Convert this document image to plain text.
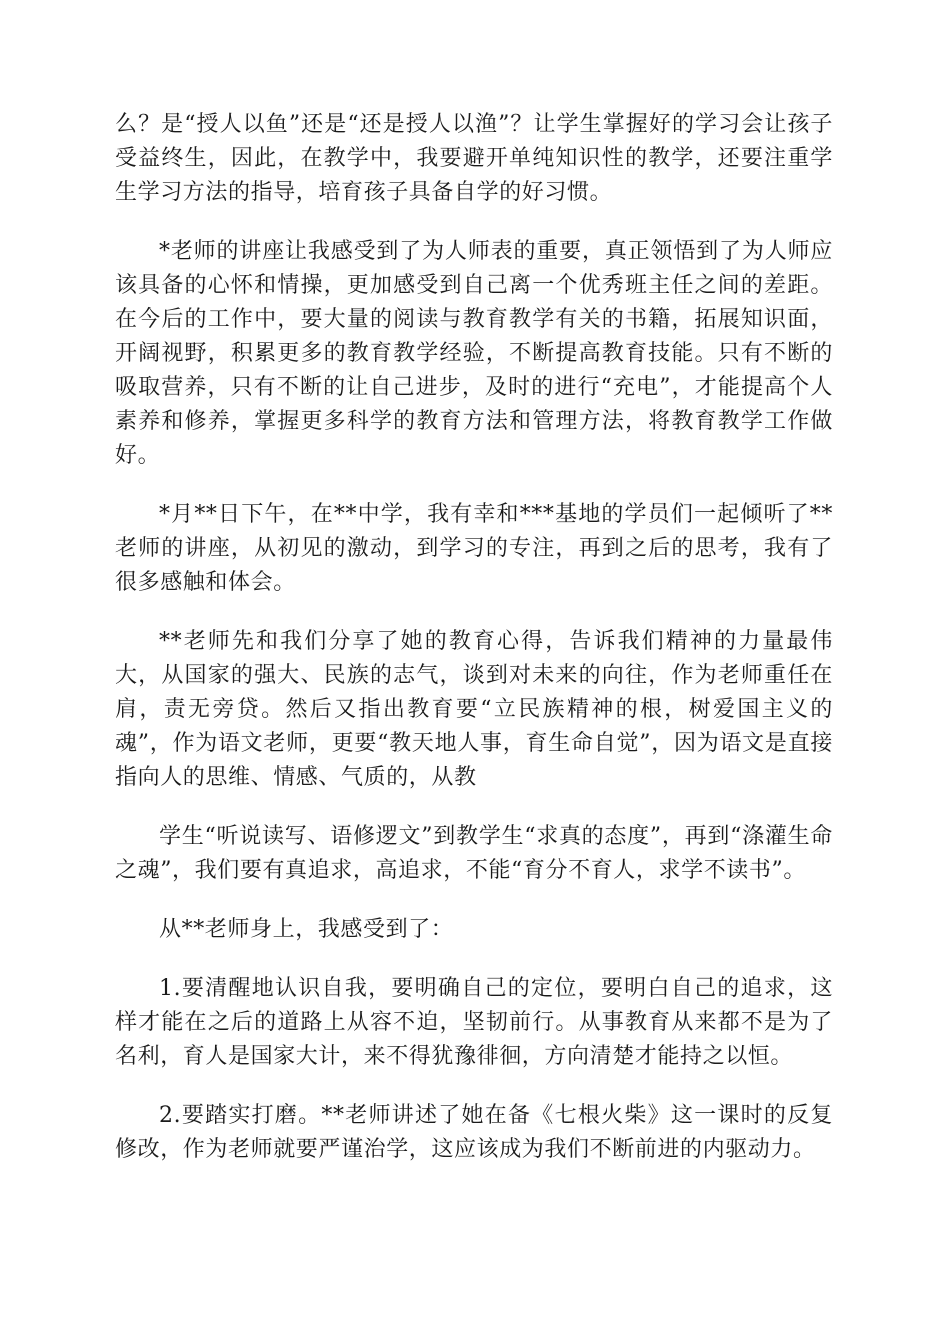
么？是“授人以鱼”还是“还是授人以渔”？让学生掌握好的学习会让孩子受益终生，因此，在教学中，我要避开单纯知识性的教学，还要注重学生学习方法的指导，培育孩子具备自学的好习惯。

*老师的讲座让我感受到了为人师表的重要，真正领悟到了为人师应该具备的心怀和情操，更加感受到自己离一个优秀班主任之间的差距。在今后的工作中，要大量的阅读与教育教学有关的书籍，拓展知识面，开阔视野，积累更多的教育教学经验，不断提高教育技能。只有不断的吸取营养，只有不断的让自己进步，及时的进行“充电”，才能提高个人素养和修养，掌握更多科学的教育方法和管理方法，将教育教学工作做好。

*月**日下午，在**中学，我有幸和***基地的学员们一起倾听了**老师的讲座，从初见的激动，到学习的专注，再到之后的思考，我有了很多感触和体会。

**老师先和我们分享了她的教育心得，告诉我们精神的力量最伟大，从国家的强大、民族的志气，谈到对未来的向往，作为老师重任在肩，责无旁贷。然后又指出教育要“立民族精神的根，树爱国主义的魂”，作为语文老师，更要“教天地人事，育生命自觉”，因为语文是直接指向人的思维、情感、气质的，从教

学生“听说读写、语修逻文”到教学生“求真的态度”，再到“涤灌生命之魂”，我们要有真追求，高追求，不能“育分不育人，求学不读书”。

从**老师身上，我感受到了：

1.要清醒地认识自我，要明确自己的定位，要明白自己的追求，这样才能在之后的道路上从容不迫，坚韧前行。从事教育从来都不是为了名利，育人是国家大计，来不得犹豫徘徊，方向清楚才能持之以恒。

2.要踏实打磨。**老师讲述了她在备《七根火柴》这一课时的反复修改，作为老师就要严谨治学，这应该成为我们不断前进的内驱动力。
